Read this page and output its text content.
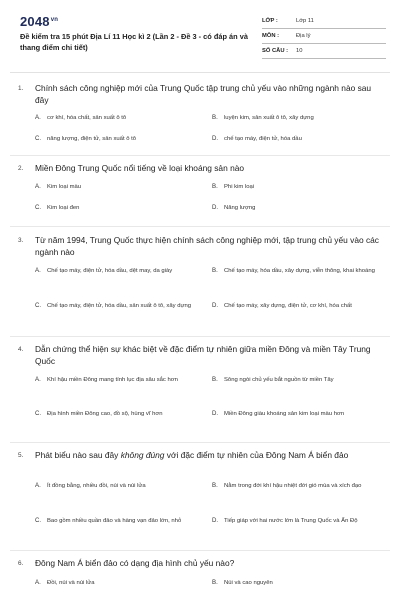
$2048^{vn}$
Đề kiểm tra 15 phút Địa Lí 11 Học kì 2 (Lần 2 - Đề 3 - có đáp án và thang điểm chi tiết)
LỚP :	Lớp 11
MÔN :	Địa lý
SỐ CÂU :	10
1.	Chính sách công nghiệp mới của Trung Quốc tập trung chủ yếu vào những ngành nào sau đây
A.	cơ khí, hóa chất, sản xuất ô tô	B.	luyện kim, sản xuất ô tô, xây dựng
C.	năng lượng, điện tử, sản xuất ô tô	D.	chế tạo máy, điện tử, hóa dầu
2.	Miền Đông Trung Quốc nổi tiếng về loại khoáng sản nào
A.	Kim loại màu	B.	Phi kim loại
C.	Kim loại đen	D.	Năng lượng
3.	Từ năm 1994, Trung Quốc thực hiện chính sách công nghiệp mới, tập trung chủ yếu vào các ngành nào
A.	Chế tạo máy, điện tử, hóa dầu, dệt may, da giày	B.	Chế tạo máy, hóa dầu, xây dựng, viễn thông, khai khoáng
C.	Chế tạo máy, điện tử, hóa dầu, sản xuất ô tô, xây dựng	D.	Chế tạo máy, xây dựng, điện tử, cơ khí, hóa chất
4.	Dẫn chứng thể hiện sự khác biệt về đặc điểm tự nhiên giữa miền Đông và miền Tây Trung Quốc
A.	Khí hậu miền Đông mang tính lục địa sâu sắc hơn	B.	Sông ngòi chủ yếu bắt nguồn từ miền Tây
C.	Địa hình miền Đông cao, đồ sộ, hùng vĩ hơn	D.	Miền Đông giàu khoáng sản kim loại màu hơn
5.	Phát biểu nào sau đây không đúng với đặc điểm tự nhiên của Đông Nam Á biển đảo
A.	Ít đồng bằng, nhiều đồi, núi và núi lửa	B.	Nằm trong đới khí hậu nhiệt đới gió mùa và xích đạo
C.	Bao gồm nhiều quần đảo và hàng vạn đảo lớn, nhỏ	D.	Tiếp giáp với hai nước lớn là Trung Quốc và Ấn Độ
6.	Đông Nam Á biển đảo có dạng địa hình chủ yếu nào?
A.	Đồi, núi và núi lửa	B.	Núi và cao nguyên
